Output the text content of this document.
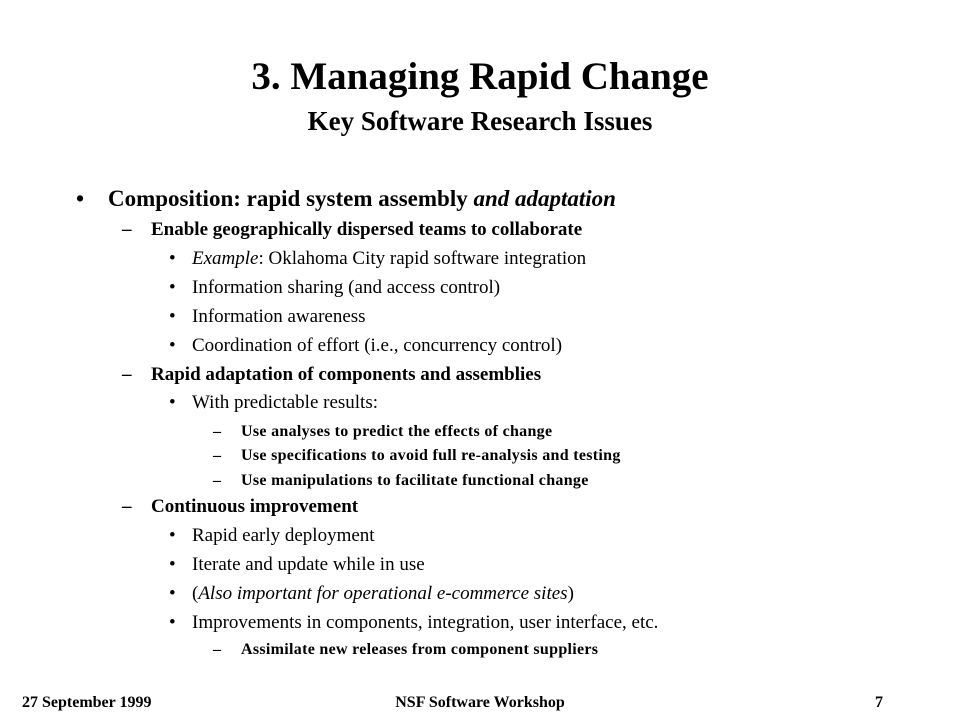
3. Managing Rapid Change
Key Software Research Issues
• Composition: rapid system assembly and adaptation
– Enable geographically dispersed teams to collaborate
• Example: Oklahoma City rapid software integration
• Information sharing (and access control)
• Information awareness
• Coordination of effort (i.e., concurrency control)
– Rapid adaptation of components and assemblies
• With predictable results:
– Use analyses to predict the effects of change
– Use specifications to avoid full re-analysis and testing
– Use manipulations to facilitate functional change
– Continuous improvement
• Rapid early deployment
• Iterate and update while in use
• (Also important for operational e-commerce sites)
• Improvements in components, integration, user interface, etc.
– Assimilate new releases from component suppliers
27 September 1999	NSF Software Workshop	7
